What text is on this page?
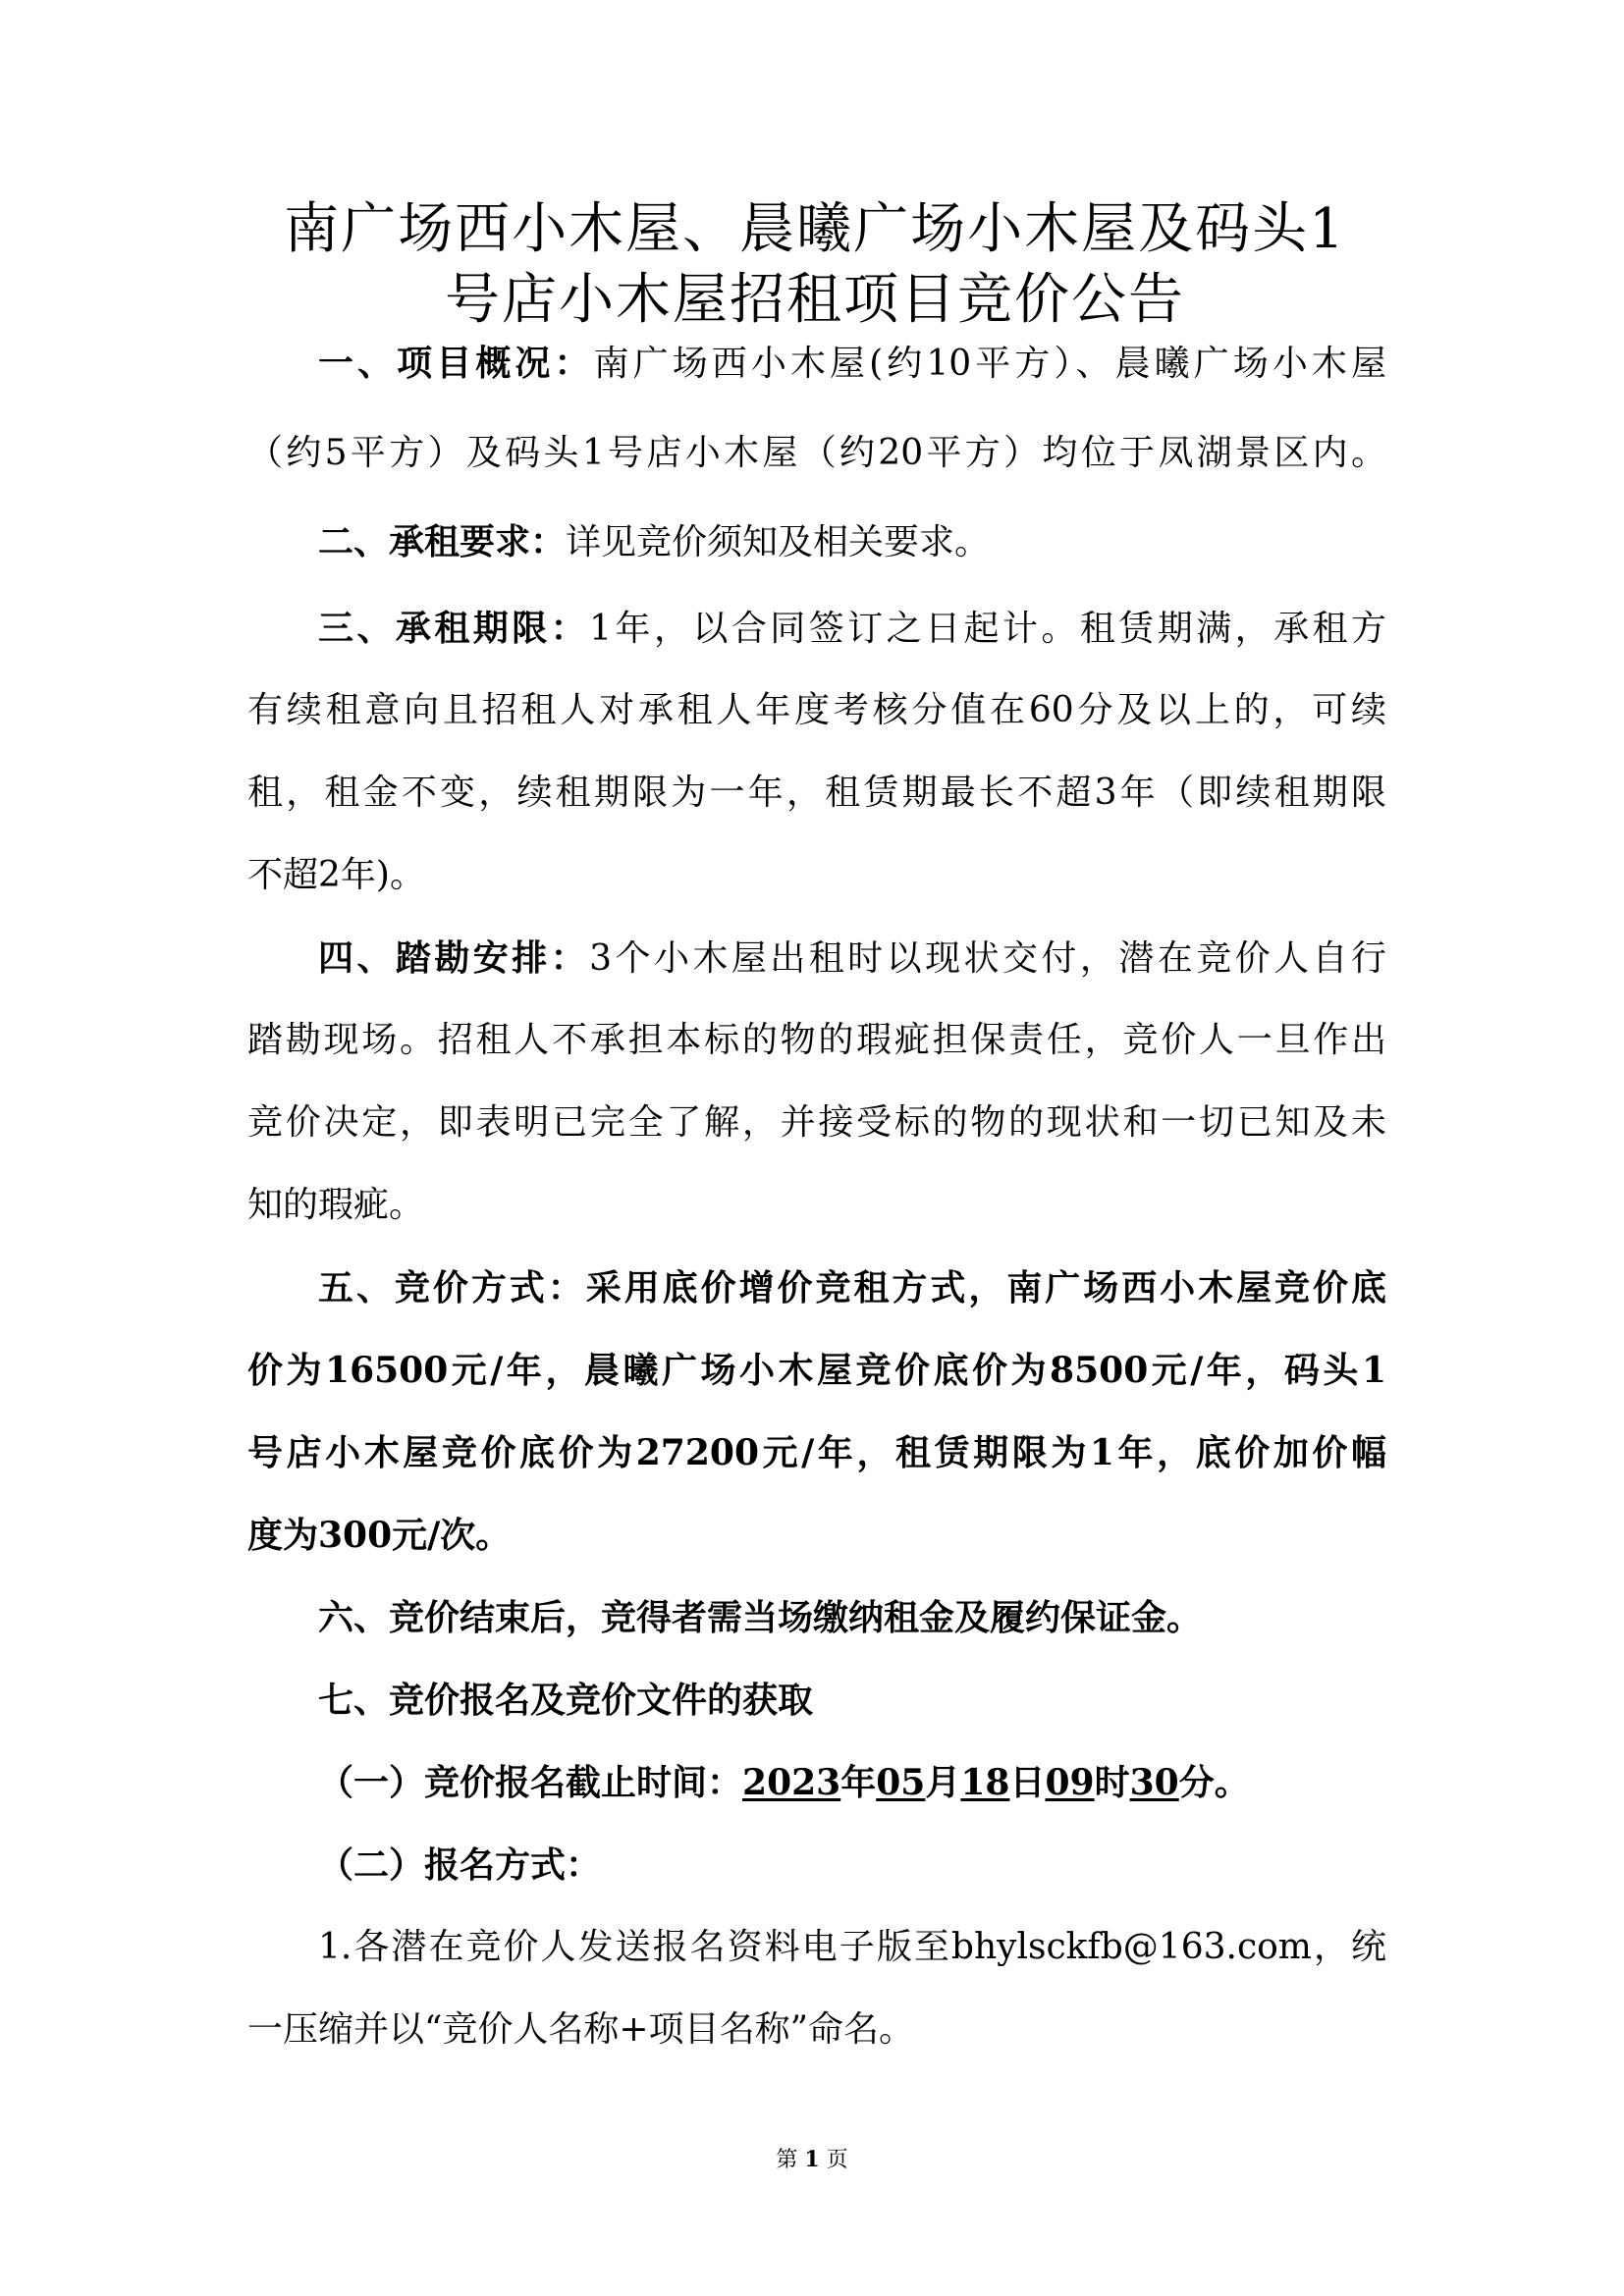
南广场西小木屋、晨曦广场小木屋及码头1
号店小木屋招租项目竞价公告

一、项目概况：南广场西小木屋(约10平方）、晨曦广场小木屋

（约5平方）及码头1号店小木屋（约20平方）均位于凤湖景区内。

二、承租要求：详见竞价须知及相关要求。

三、承租期限：1年，以合同签订之日起计。租赁期满，承租方

有续租意向且招租人对承租人年度考核分值在60分及以上的，可续

租，租金不变，续租期限为一年，租赁期最长不超3年（即续租期限

不超2年)。

四、踏勘安排：3个小木屋出租时以现状交付，潜在竞价人自行

踏勘现场。招租人不承担本标的物的瑕疵担保责任，竞价人一旦作出

竞价决定，即表明已完全了解，并接受标的物的现状和一切已知及未

知的瑕疵。

五、竞价方式：采用底价增价竞租方式，南广场西小木屋竞价底

价为16500元/年，晨曦广场小木屋竞价底价为8500元/年，码头1

号店小木屋竞价底价为27200元/年，租赁期限为1年，底价加价幅

度为300元/次。

六、竞价结束后，竞得者需当场缴纳租金及履约保证金。

七、竞价报名及竞价文件的获取

（一）竞价报名截止时间：2023年05月18日09时30分。

（二）报名方式：

1.各潜在竞价人发送报名资料电子版至bhylsckfb@163.com，统

一压缩并以“竞价人名称+项目名称”命名。

第 1 页
